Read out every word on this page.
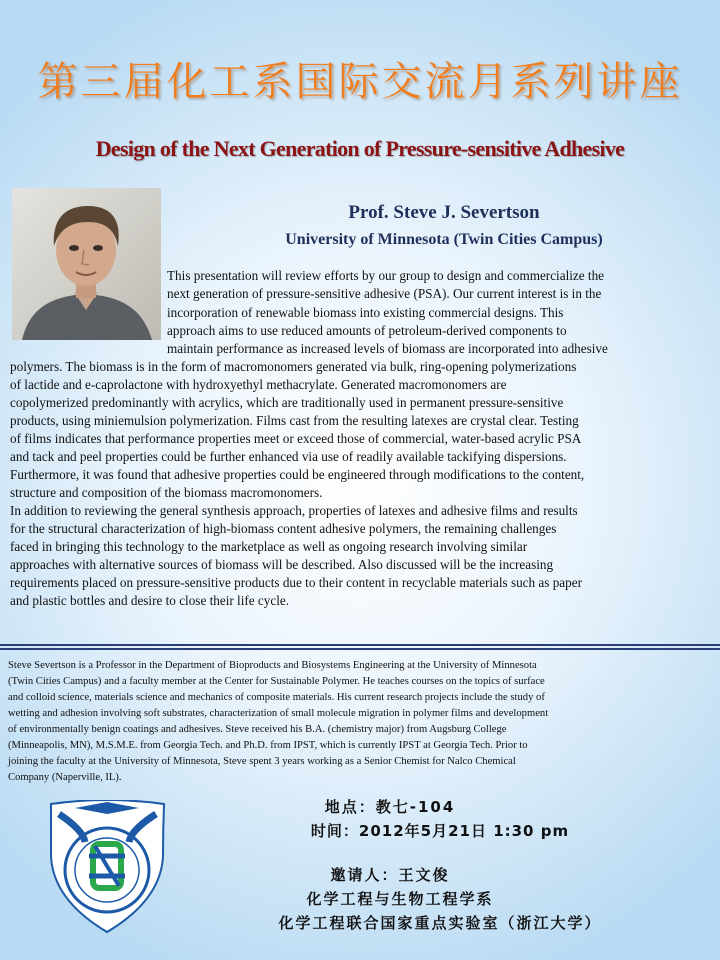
第三届化工系国际交流月系列讲座
Design of the Next Generation of Pressure-sensitive Adhesive
Prof. Steve J. Severtson
University of Minnesota (Twin Cities Campus)
This presentation will review efforts by our group to design and commercialize the
next generation of pressure-sensitive adhesive (PSA). Our current interest is in the
incorporation of renewable biomass into existing commercial designs. This
approach aims to use reduced amounts of petroleum-derived components to
maintain performance as increased levels of biomass are incorporated into adhesive
polymers. The biomass is in the form of macromonomers generated via bulk, ring-opening polymerizations
of lactide and e-caprolactone with hydroxyethyl methacrylate. Generated macromonomers are
copolymerized predominantly with acrylics, which are traditionally used in permanent pressure-sensitive
products, using miniemulsion polymerization. Films cast from the resulting latexes are crystal clear. Testing
of films indicates that performance properties meet or exceed those of commercial, water-based acrylic PSA
and tack and peel properties could be further enhanced via use of readily available tackifying dispersions.
Furthermore, it was found that adhesive properties could be engineered through modifications to the content,
structure and composition of the biomass macromonomers.
In addition to reviewing the general synthesis approach, properties of latexes and adhesive films and results
for the structural characterization of high-biomass content adhesive polymers, the remaining challenges
faced in bringing this technology to the marketplace as well as ongoing research involving similar
approaches with alternative sources of biomass will be described. Also discussed will be the increasing
requirements placed on pressure-sensitive products due to their content in recyclable materials such as paper
and plastic bottles and desire to close their life cycle.
Steve Severtson is a Professor in the Department of Bioproducts and Biosystems Engineering at the University of Minnesota
(Twin Cities Campus) and a faculty member at the Center for Sustainable Polymer. He teaches courses on the topics of surface
and colloid science, materials science and mechanics of composite materials. His current research projects include the study of
wetting and adhesion involving soft substrates, characterization of small molecule migration in polymer films and development
of environmentally benign coatings and adhesives. Steve received his B.A. (chemistry major) from Augsburg College
(Minneapolis, MN), M.S.M.E. from Georgia Tech. and Ph.D. from IPST, which is currently IPST at Georgia Tech. Prior to
joining the faculty at the University of Minnesota, Steve spent 3 years working as a Senior Chemist for Nalco Chemical
Company (Naperville, IL).
地点：教七-104
时间：2012年5月21日 1:30 pm
邀请人：王文俊
化学工程与生物工程学系
化学工程联合国家重点实验室（浙江大学）
